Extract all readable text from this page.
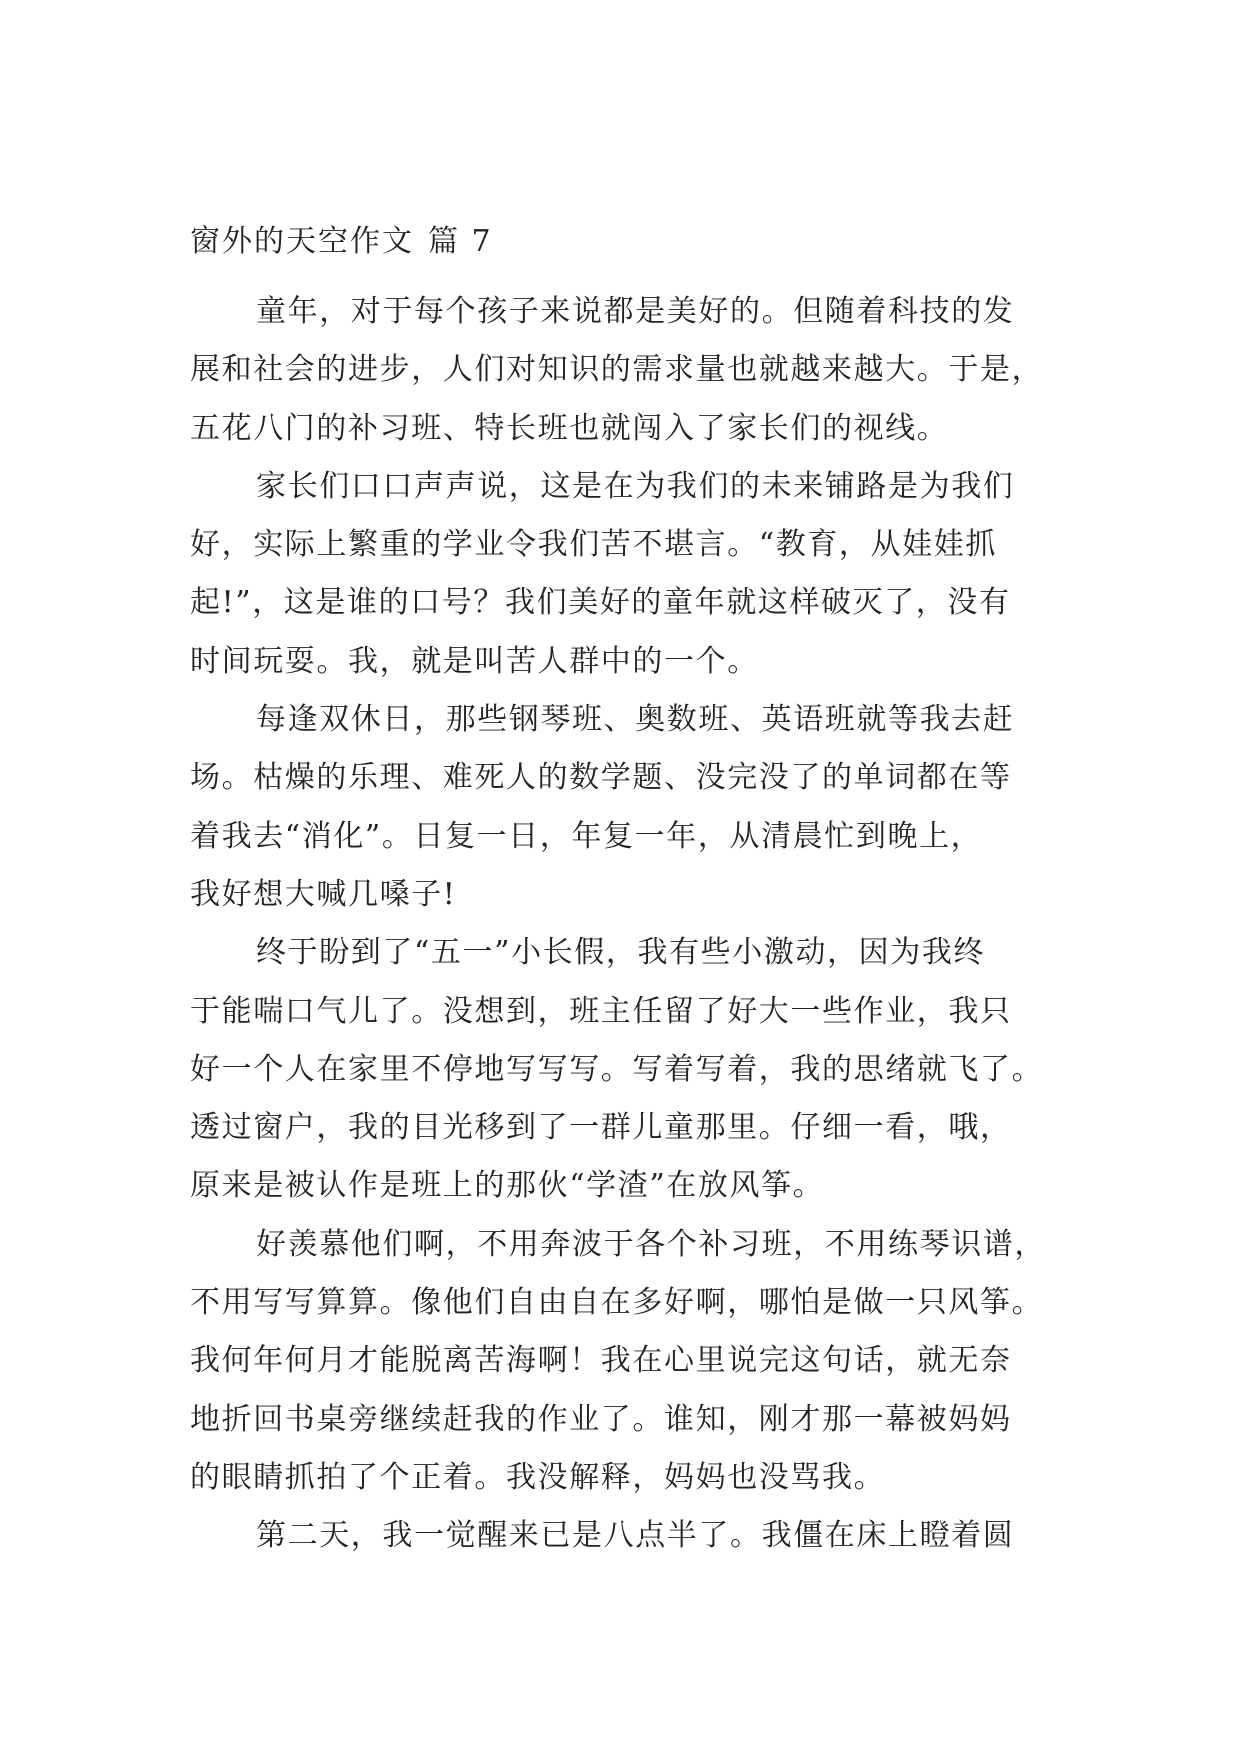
窗外的天空作文 篇 7
童年，对于每个孩子来说都是美好的。但随着科技的发
展和社会的进步，人们对知识的需求量也就越来越大。于是，
五花八门的补习班、特长班也就闯入了家长们的视线。
家长们口口声声说，这是在为我们的未来铺路是为我们
好，实际上繁重的学业令我们苦不堪言。“教育，从娃娃抓
起!”，这是谁的口号？我们美好的童年就这样破灭了，没有
时间玩耍。我，就是叫苦人群中的一个。
每逢双休日，那些钢琴班、奥数班、英语班就等我去赶
场。枯燥的乐理、难死人的数学题、没完没了的单词都在等
着我去“消化”。日复一日，年复一年，从清晨忙到晚上，
我好想大喊几嗓子!
终于盼到了“五一”小长假，我有些小激动，因为我终
于能喘口气儿了。没想到，班主任留了好大一些作业，我只
好一个人在家里不停地写写写。写着写着，我的思绪就飞了。
透过窗户，我的目光移到了一群儿童那里。仔细一看，哦，
原来是被认作是班上的那伙“学渣”在放风筝。
好羡慕他们啊，不用奔波于各个补习班，不用练琴识谱，
不用写写算算。像他们自由自在多好啊，哪怕是做一只风筝。
我何年何月才能脱离苦海啊！我在心里说完这句话，就无奈
地折回书桌旁继续赶我的作业了。谁知，刚才那一幕被妈妈
的眼睛抓拍了个正着。我没解释，妈妈也没骂我。
第二天，我一觉醒来已是八点半了。我僵在床上瞪着圆
